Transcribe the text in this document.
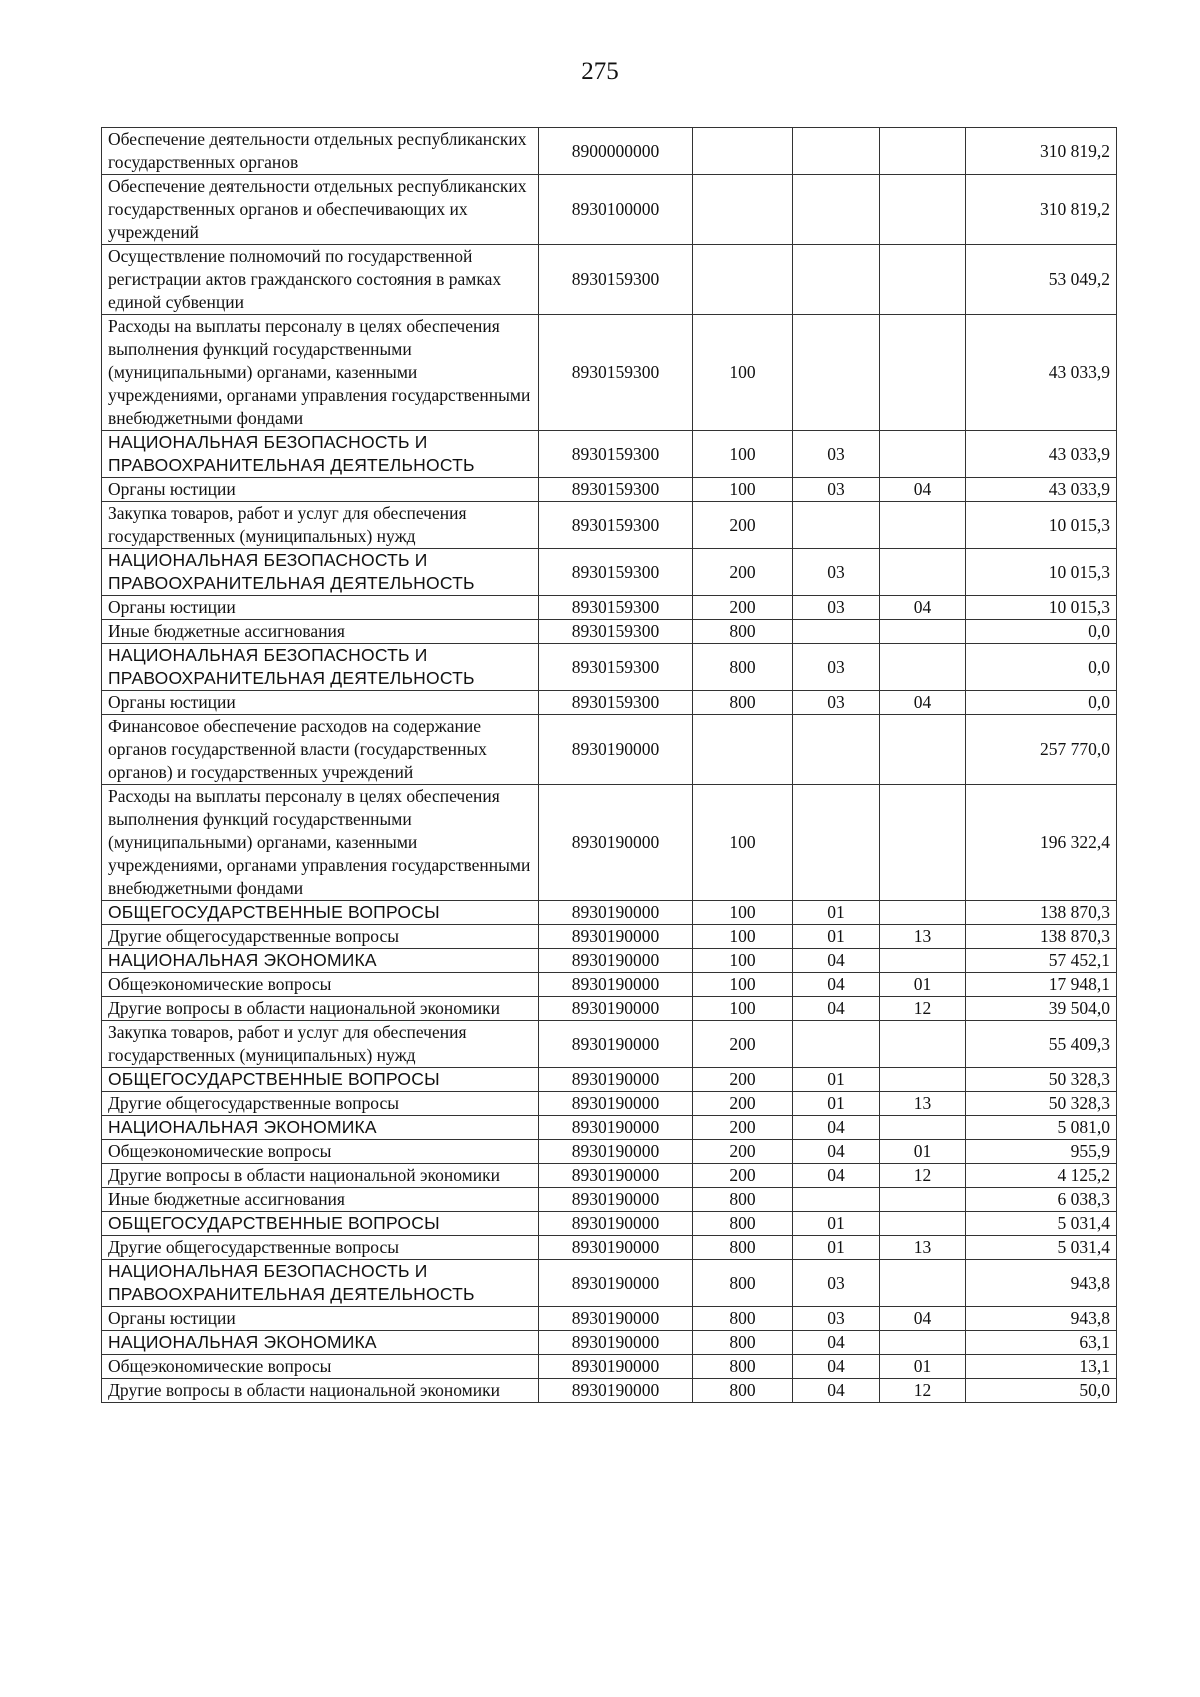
275
Обеспечение деятельности отдельных республиканских государственных органов	8900000000				310 819,2
Обеспечение деятельности отдельных республиканских государственных органов и обеспечивающих их учреждений	8930100000				310 819,2
Осуществление полномочий по государственной регистрации актов гражданского состояния в рамках единой субвенции	8930159300				53 049,2
Расходы на выплаты персоналу в целях обеспечения выполнения функций государственными (муниципальными) органами, казенными учреждениями, органами управления государственными внебюджетными фондами	8930159300	100			43 033,9
НАЦИОНАЛЬНАЯ БЕЗОПАСНОСТЬ И ПРАВООХРАНИТЕЛЬНАЯ ДЕЯТЕЛЬНОСТЬ	8930159300	100	03		43 033,9
Органы юстиции	8930159300	100	03	04	43 033,9
Закупка товаров, работ и услуг для обеспечения государственных (муниципальных) нужд	8930159300	200			10 015,3
НАЦИОНАЛЬНАЯ БЕЗОПАСНОСТЬ И ПРАВООХРАНИТЕЛЬНАЯ ДЕЯТЕЛЬНОСТЬ	8930159300	200	03		10 015,3
Органы юстиции	8930159300	200	03	04	10 015,3
Иные бюджетные ассигнования	8930159300	800			0,0
НАЦИОНАЛЬНАЯ БЕЗОПАСНОСТЬ И ПРАВООХРАНИТЕЛЬНАЯ ДЕЯТЕЛЬНОСТЬ	8930159300	800	03		0,0
Органы юстиции	8930159300	800	03	04	0,0
Финансовое обеспечение расходов на содержание органов государственной власти (государственных органов) и государственных учреждений	8930190000				257 770,0
Расходы на выплаты персоналу в целях обеспечения выполнения функций государственными (муниципальными) органами, казенными учреждениями, органами управления государственными внебюджетными фондами	8930190000	100			196 322,4
ОБЩЕГОСУДАРСТВЕННЫЕ ВОПРОСЫ	8930190000	100	01		138 870,3
Другие общегосударственные вопросы	8930190000	100	01	13	138 870,3
НАЦИОНАЛЬНАЯ ЭКОНОМИКА	8930190000	100	04		57 452,1
Общеэкономические вопросы	8930190000	100	04	01	17 948,1
Другие вопросы в области национальной экономики	8930190000	100	04	12	39 504,0
Закупка товаров, работ и услуг для обеспечения государственных (муниципальных) нужд	8930190000	200			55 409,3
ОБЩЕГОСУДАРСТВЕННЫЕ ВОПРОСЫ	8930190000	200	01		50 328,3
Другие общегосударственные вопросы	8930190000	200	01	13	50 328,3
НАЦИОНАЛЬНАЯ ЭКОНОМИКА	8930190000	200	04		5 081,0
Общеэкономические вопросы	8930190000	200	04	01	955,9
Другие вопросы в области национальной экономики	8930190000	200	04	12	4 125,2
Иные бюджетные ассигнования	8930190000	800			6 038,3
ОБЩЕГОСУДАРСТВЕННЫЕ ВОПРОСЫ	8930190000	800	01		5 031,4
Другие общегосударственные вопросы	8930190000	800	01	13	5 031,4
НАЦИОНАЛЬНАЯ БЕЗОПАСНОСТЬ И ПРАВООХРАНИТЕЛЬНАЯ ДЕЯТЕЛЬНОСТЬ	8930190000	800	03		943,8
Органы юстиции	8930190000	800	03	04	943,8
НАЦИОНАЛЬНАЯ ЭКОНОМИКА	8930190000	800	04		63,1
Общеэкономические вопросы	8930190000	800	04	01	13,1
Другие вопросы в области национальной экономики	8930190000	800	04	12	50,0
